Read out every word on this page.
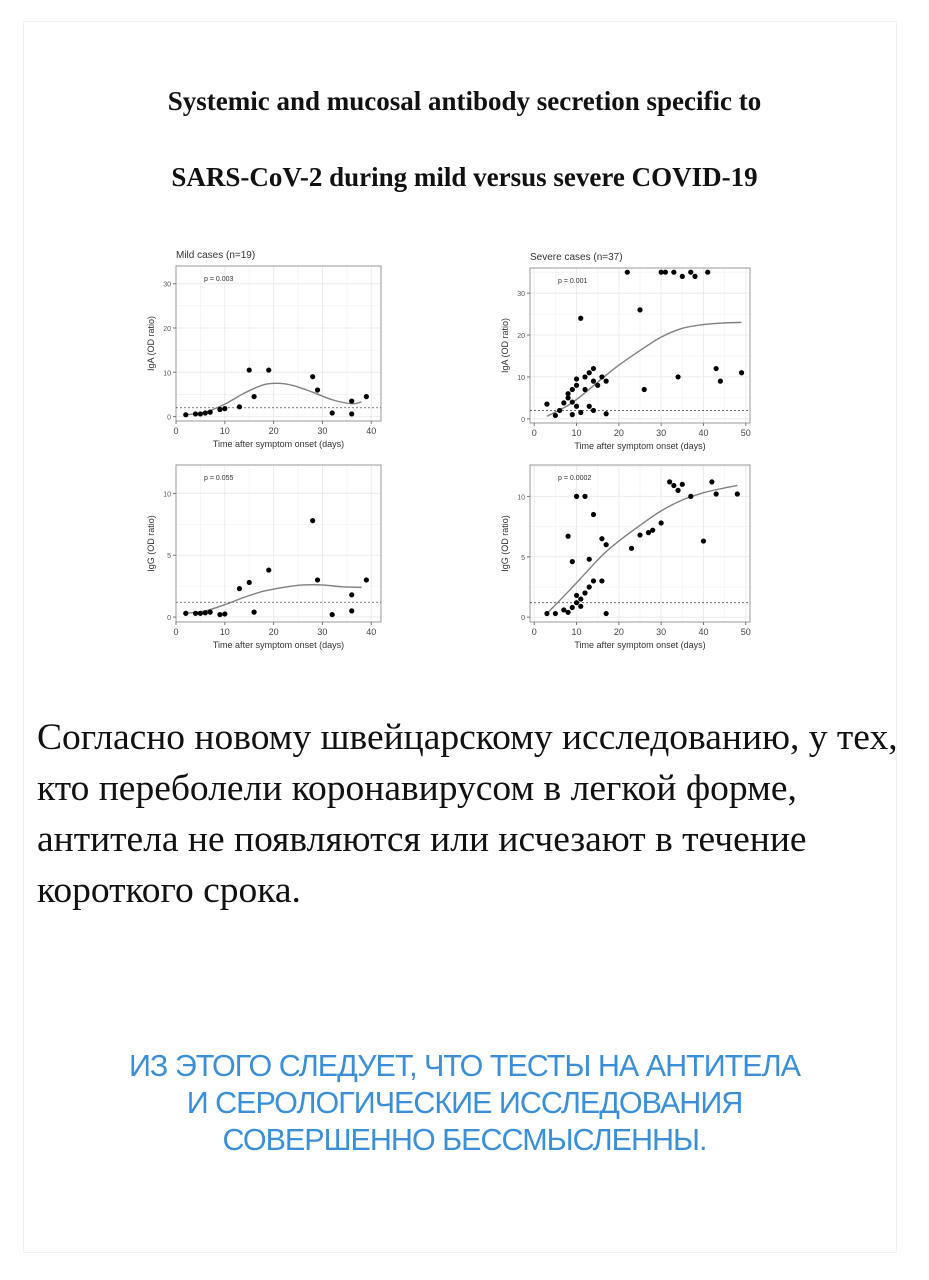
Systemic and mucosal antibody secretion specific to
SARS-CoV-2 during mild versus severe COVID-19
0	10	20	30	40
0
10
20
30
Time after symptom onset (days)
IgA (OD ratio)
Mild cases (n=19)
p = 0.003
0	10	20	30	40	50
0
10
20
30
Time after symptom onset (days)
IgA (OD ratio)
Severe cases (n=37)
p = 0.001
0	10	20	30	40
0
5
10
Time after symptom onset (days)
IgG (OD ratio)
p = 0.055
0	10	20	30	40	50
0
5
10
Time after symptom onset (days)
IgG (OD ratio)
p = 0.0002
Согласно новому швейцарскому исследованию, у тех, кто переболели коронавирусом в легкой форме, антитела не появляются или исчезают в течение короткого срока.
ИЗ ЭТОГО СЛЕДУЕТ, ЧТО ТЕСТЫ НА АНТИТЕЛА
И СЕРОЛОГИЧЕСКИЕ ИССЛЕДОВАНИЯ
СОВЕРШЕННО БЕССМЫСЛЕННЫ.
